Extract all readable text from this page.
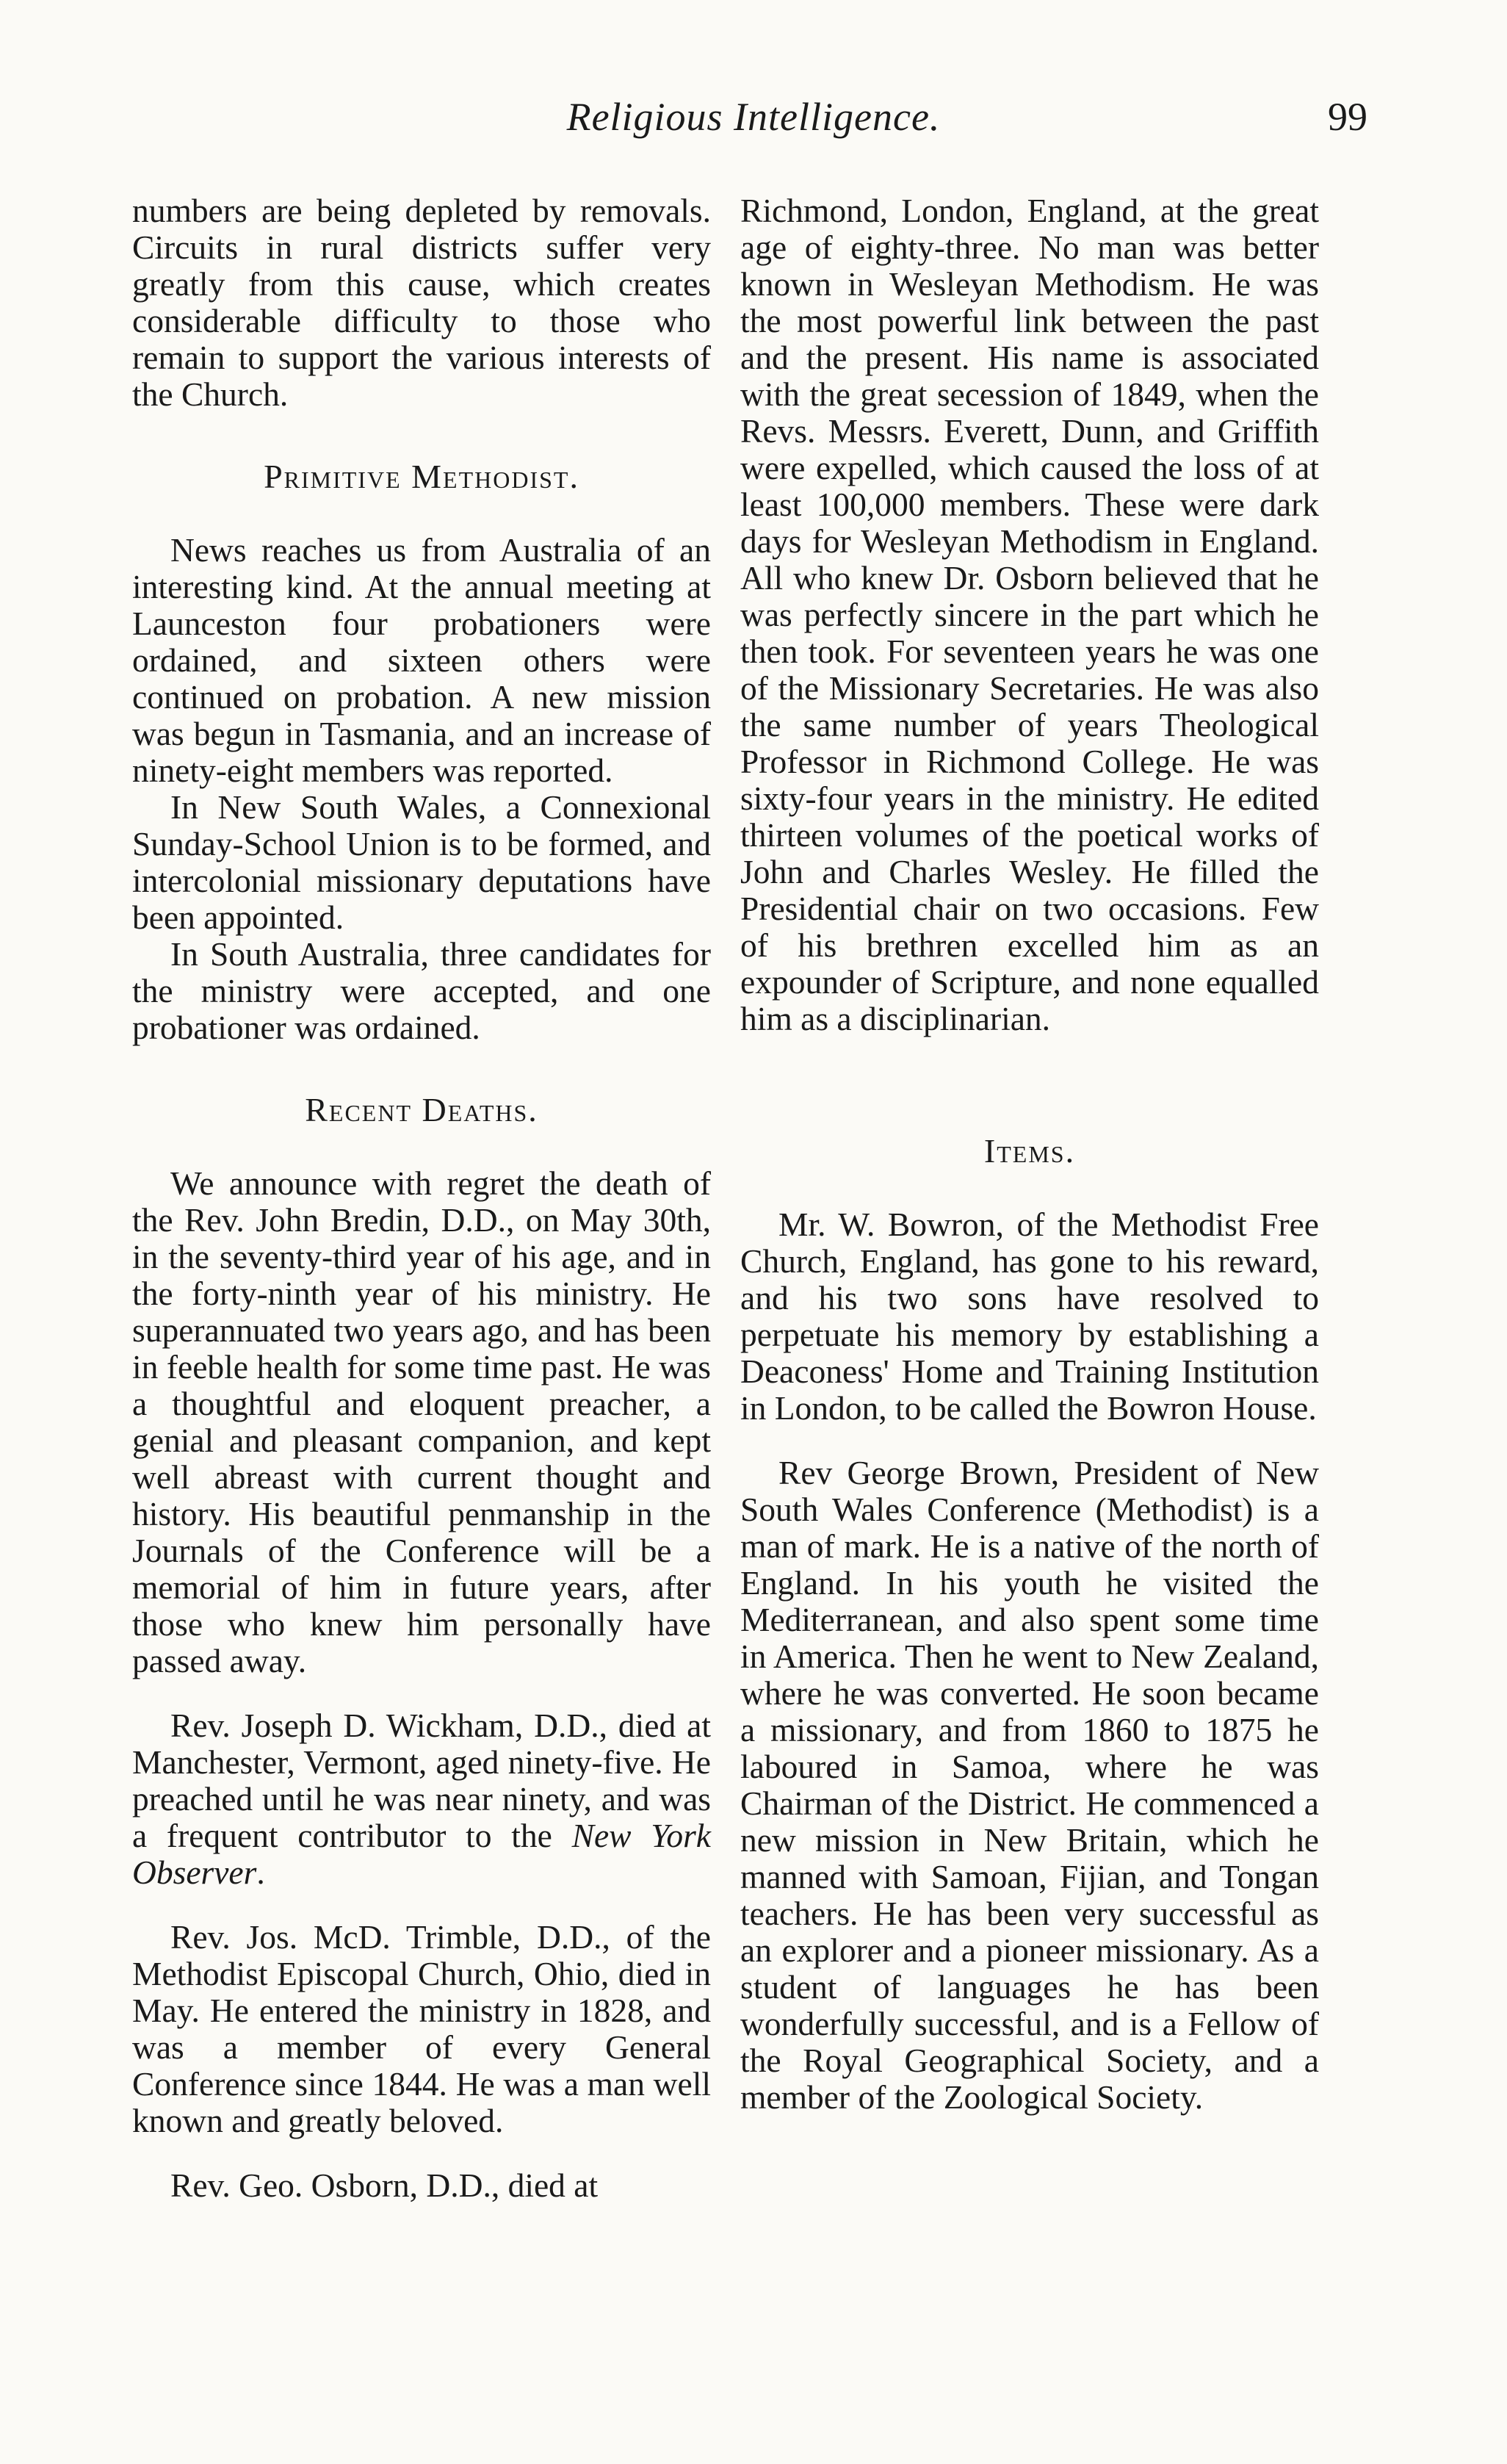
Religious Intelligence.	99

numbers are being depleted by removals. Circuits in rural districts suffer very greatly from this cause, which creates considerable difficulty to those who remain to support the various interests of the Church.

Primitive Methodist.

News reaches us from Australia of an interesting kind. At the annual meeting at Launceston four probationers were ordained, and sixteen others were continued on probation. A new mission was begun in Tasmania, and an increase of ninety-eight members was reported.

In New South Wales, a Connexional Sunday-School Union is to be formed, and intercolonial missionary deputations have been appointed.

In South Australia, three candidates for the ministry were accepted, and one probationer was ordained.

Recent Deaths.

We announce with regret the death of the Rev. John Bredin, D.D., on May 30th, in the seventy-third year of his age, and in the forty-ninth year of his ministry. He superannuated two years ago, and has been in feeble health for some time past. He was a thoughtful and eloquent preacher, a genial and pleasant companion, and kept well abreast with current thought and history. His beautiful penmanship in the Journals of the Conference will be a memorial of him in future years, after those who knew him personally have passed away.

Rev. Joseph D. Wickham, D.D., died at Manchester, Vermont, aged ninety-five. He preached until he was near ninety, and was a frequent contributor to the New York Observer.

Rev. Jos. McD. Trimble, D.D., of the Methodist Episcopal Church, Ohio, died in May. He entered the ministry in 1828, and was a member of every General Conference since 1844. He was a man well known and greatly beloved.

Rev. Geo. Osborn, D.D., died at

Richmond, London, England, at the great age of eighty-three. No man was better known in Wesleyan Methodism. He was the most powerful link between the past and the present. His name is associated with the great secession of 1849, when the Revs. Messrs. Everett, Dunn, and Griffith were expelled, which caused the loss of at least 100,000 members. These were dark days for Wesleyan Methodism in England. All who knew Dr. Osborn believed that he was perfectly sincere in the part which he then took. For seventeen years he was one of the Missionary Secretaries. He was also the same number of years Theological Professor in Richmond College. He was sixty-four years in the ministry. He edited thirteen volumes of the poetical works of John and Charles Wesley. He filled the Presidential chair on two occasions. Few of his brethren excelled him as an expounder of Scripture, and none equalled him as a disciplinarian.

Items.

Mr. W. Bowron, of the Methodist Free Church, England, has gone to his reward, and his two sons have resolved to perpetuate his memory by establishing a Deaconess' Home and Training Institution in London, to be called the Bowron House.

Rev George Brown, President of New South Wales Conference (Methodist) is a man of mark. He is a native of the north of England. In his youth he visited the Mediterranean, and also spent some time in America. Then he went to New Zealand, where he was converted. He soon became a missionary, and from 1860 to 1875 he laboured in Samoa, where he was Chairman of the District. He commenced a new mission in New Britain, which he manned with Samoan, Fijian, and Tongan teachers. He has been very successful as an explorer and a pioneer missionary. As a student of languages he has been wonderfully successful, and is a Fellow of the Royal Geographical Society, and a member of the Zoological Society.
